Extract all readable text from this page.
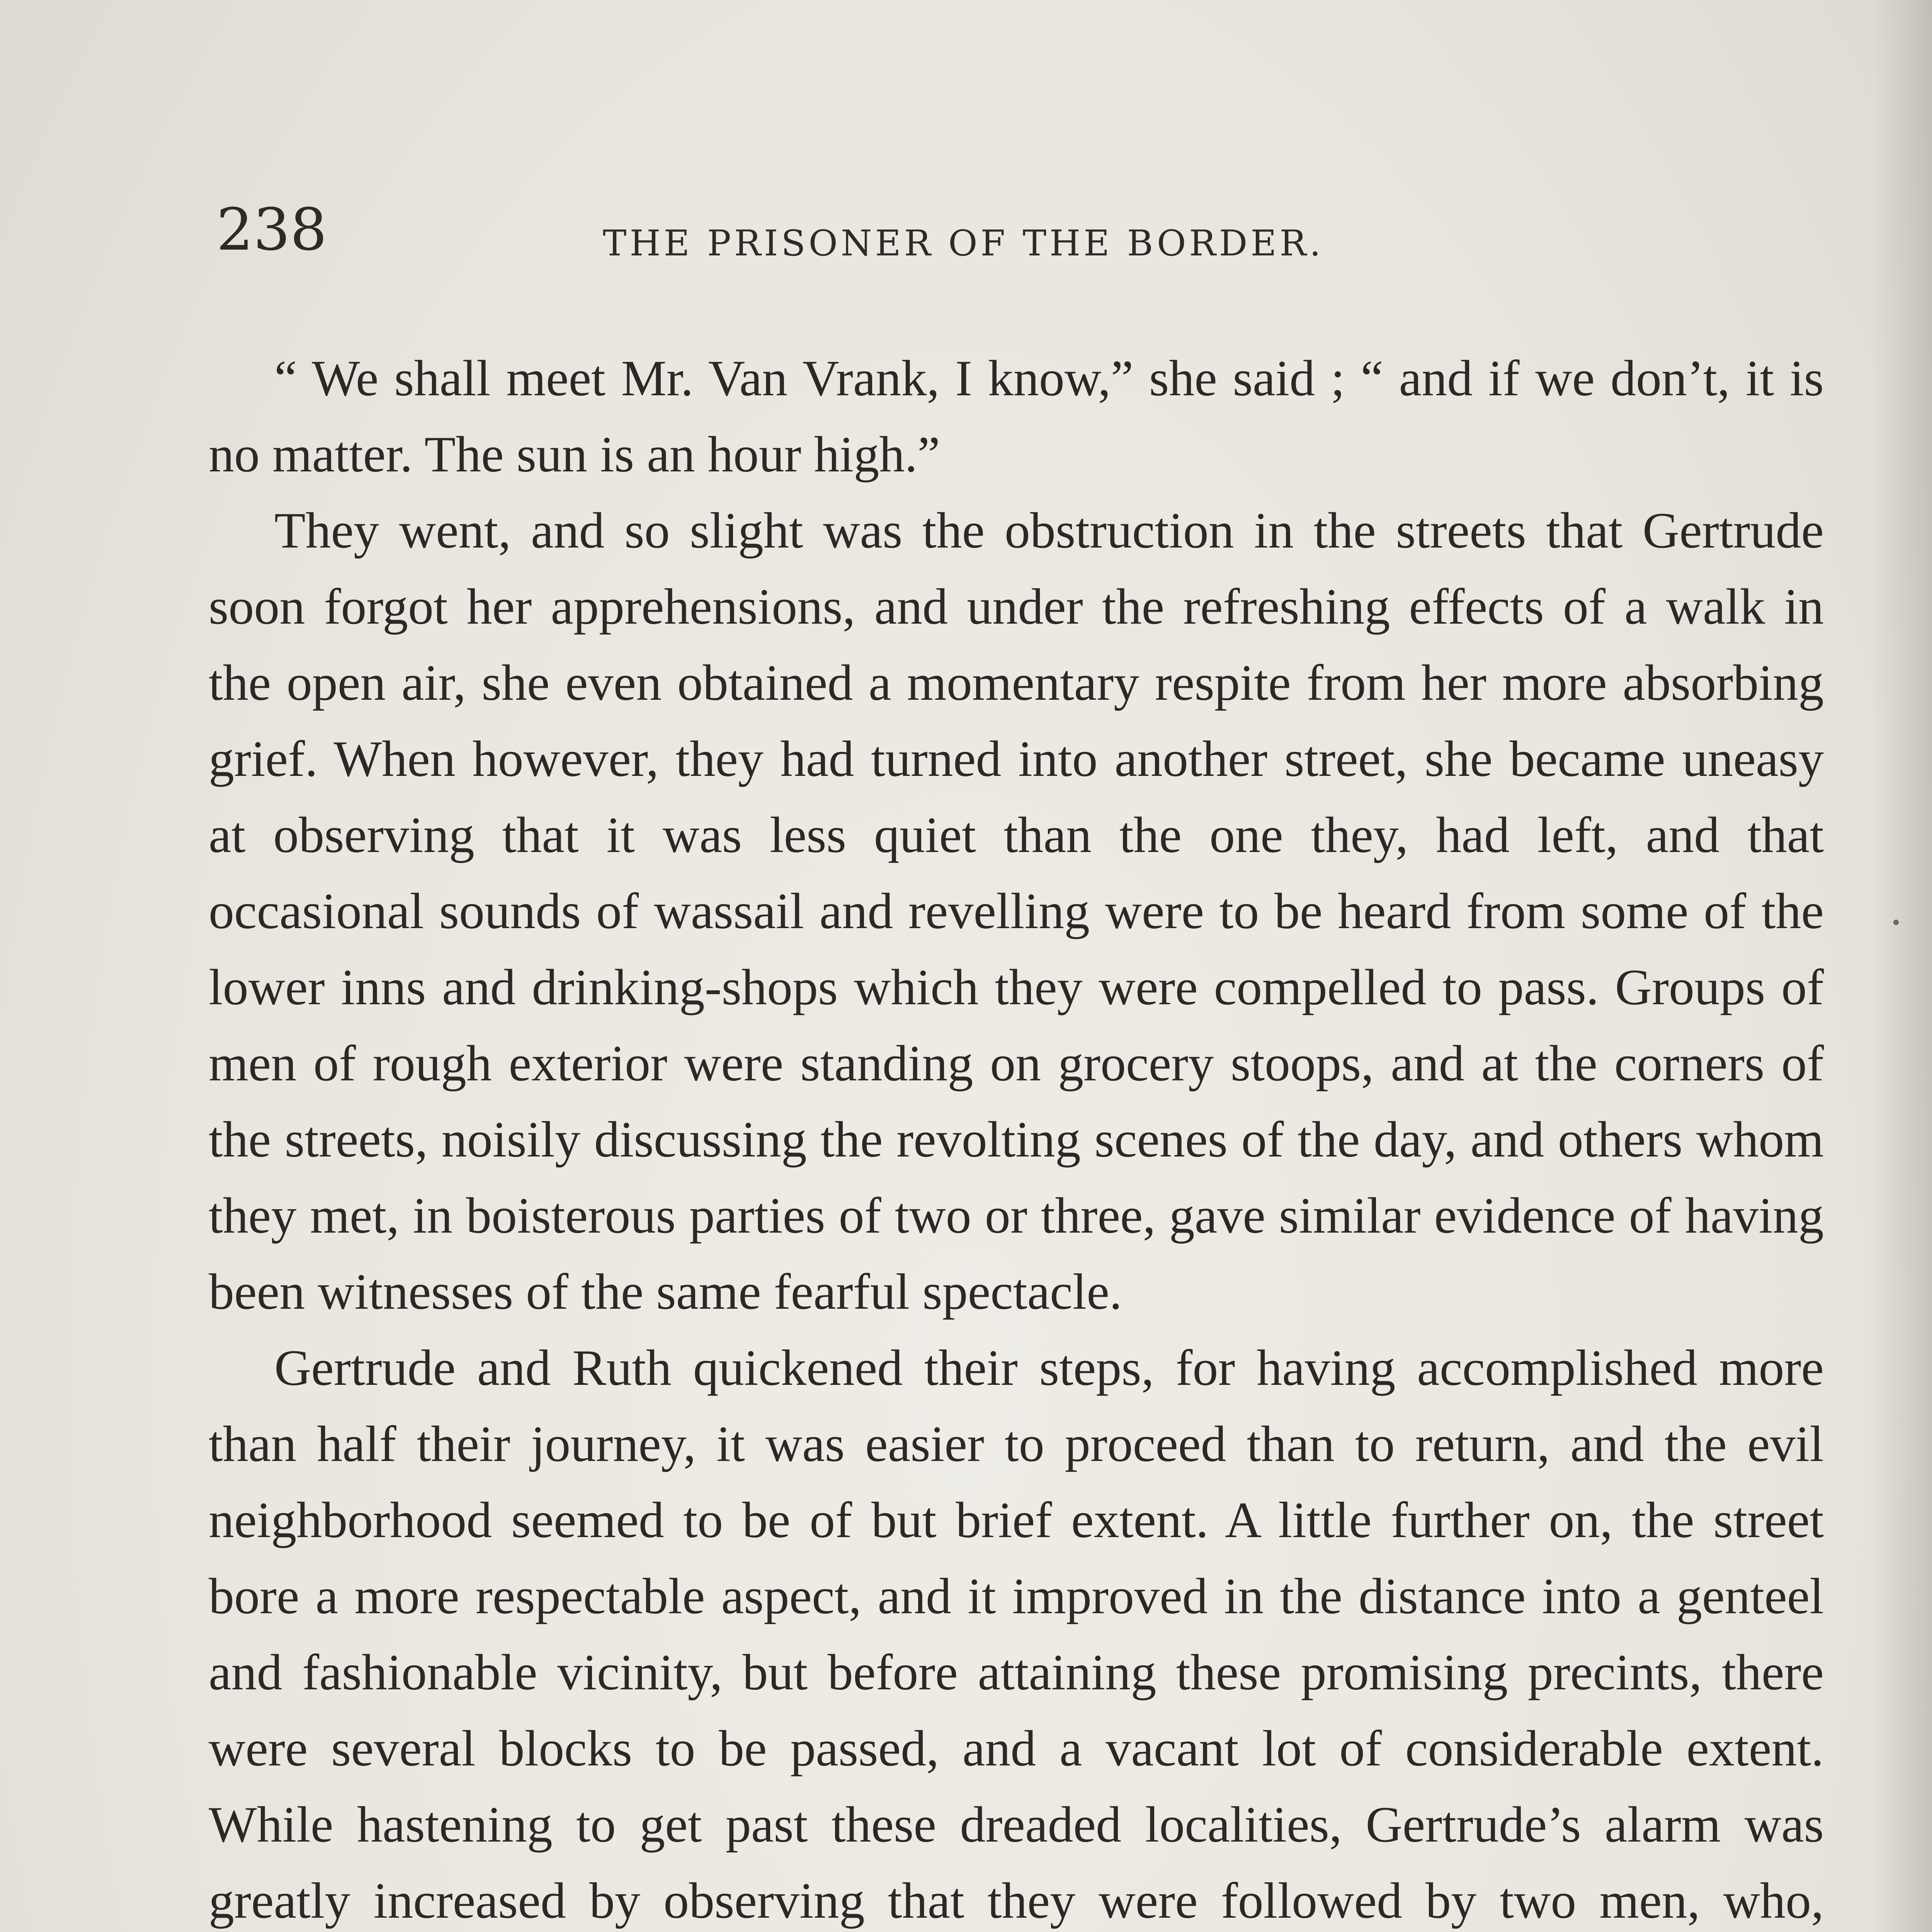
238	THE PRISONER OF THE BORDER.

“ We shall meet Mr. Van Vrank, I know,” she said ; “ and if we don’t, it is no matter. The sun is an hour high.”

They went, and so slight was the obstruction in the streets that Gertrude soon forgot her apprehensions, and under the refreshing effects of a walk in the open air, she even obtained a momentary respite from her more absorbing grief. When however, they had turned into another street, she became uneasy at observing that it was less quiet than the one they, had left, and that occasional sounds of wassail and revelling were to be heard from some of the lower inns and drinking-shops which they were compelled to pass. Groups of men of rough exterior were standing on grocery stoops, and at the corners of the streets, noisily discussing the revolting scenes of the day, and others whom they met, in boisterous parties of two or three, gave similar evidence of having been witnesses of the same fearful spectacle.

Gertrude and Ruth quickened their steps, for having accomplished more than half their journey, it was easier to proceed than to return, and the evil neighborhood seemed to be of but brief extent. A little further on, the street bore a more respectable aspect, and it improved in the distance into a genteel and fashionable vicinity, but before attaining these promising precints, there were several blocks to be passed, and a vacant lot of considerable extent. While hastening to get past these dreaded localities, Gertrude’s alarm was greatly increased by observing that they were followed by two men, who,
